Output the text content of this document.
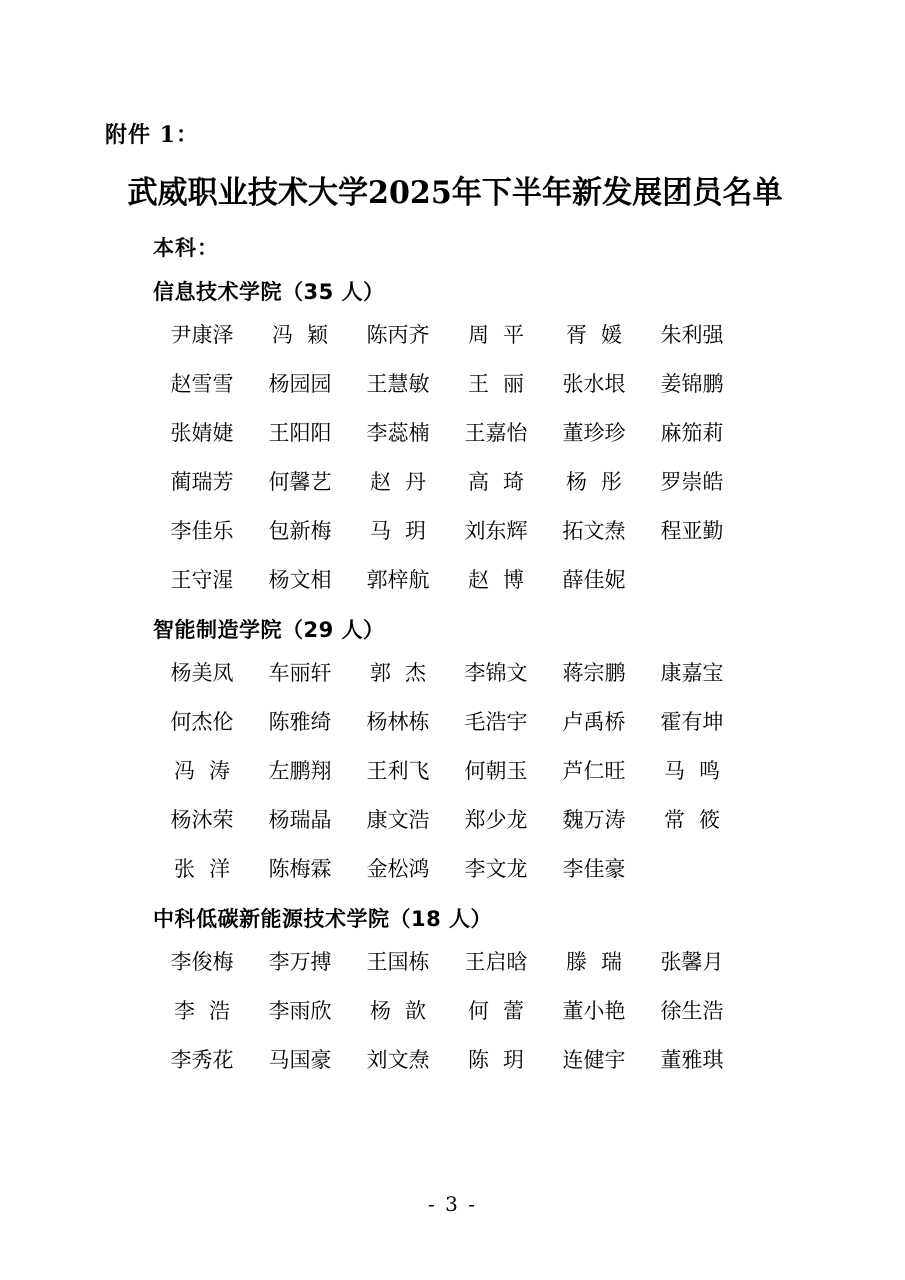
附件 1：
武威职业技术大学2025年下半年新发展团员名单
本科：
信息技术学院（35 人）
尹康泽	冯颖	陈丙齐	周平	胥媛	朱利强
赵雪雪	杨园园	王慧敏	王丽	张水垠	姜锦鹏
张婧婕	王阳阳	李蕊楠	王嘉怡	董珍珍	麻笳莉
蔺瑞芳	何馨艺	赵丹	高琦	杨彤	罗崇皓
李佳乐	包新梅	马玥	刘东辉	拓文焘	程亚勤
王守湦	杨文相	郭梓航	赵博	薛佳妮
智能制造学院（29 人）
杨美凤	车丽轩	郭杰	李锦文	蒋宗鹏	康嘉宝
何杰伦	陈雅绮	杨林栋	毛浩宇	卢禹桥	霍有坤
冯涛	左鹏翔	王利飞	何朝玉	芦仁旺	马鸣
杨沐荣	杨瑞晶	康文浩	郑少龙	魏万涛	常筱
张洋	陈梅霖	金松鸿	李文龙	李佳豪
中科低碳新能源技术学院（18 人）
李俊梅	李万搏	王国栋	王启晗	滕瑞	张馨月
李浩	李雨欣	杨歆	何蕾	董小艳	徐生浩
李秀花	马国豪	刘文焘	陈玥	连健宇	董雅琪
- 3 -
